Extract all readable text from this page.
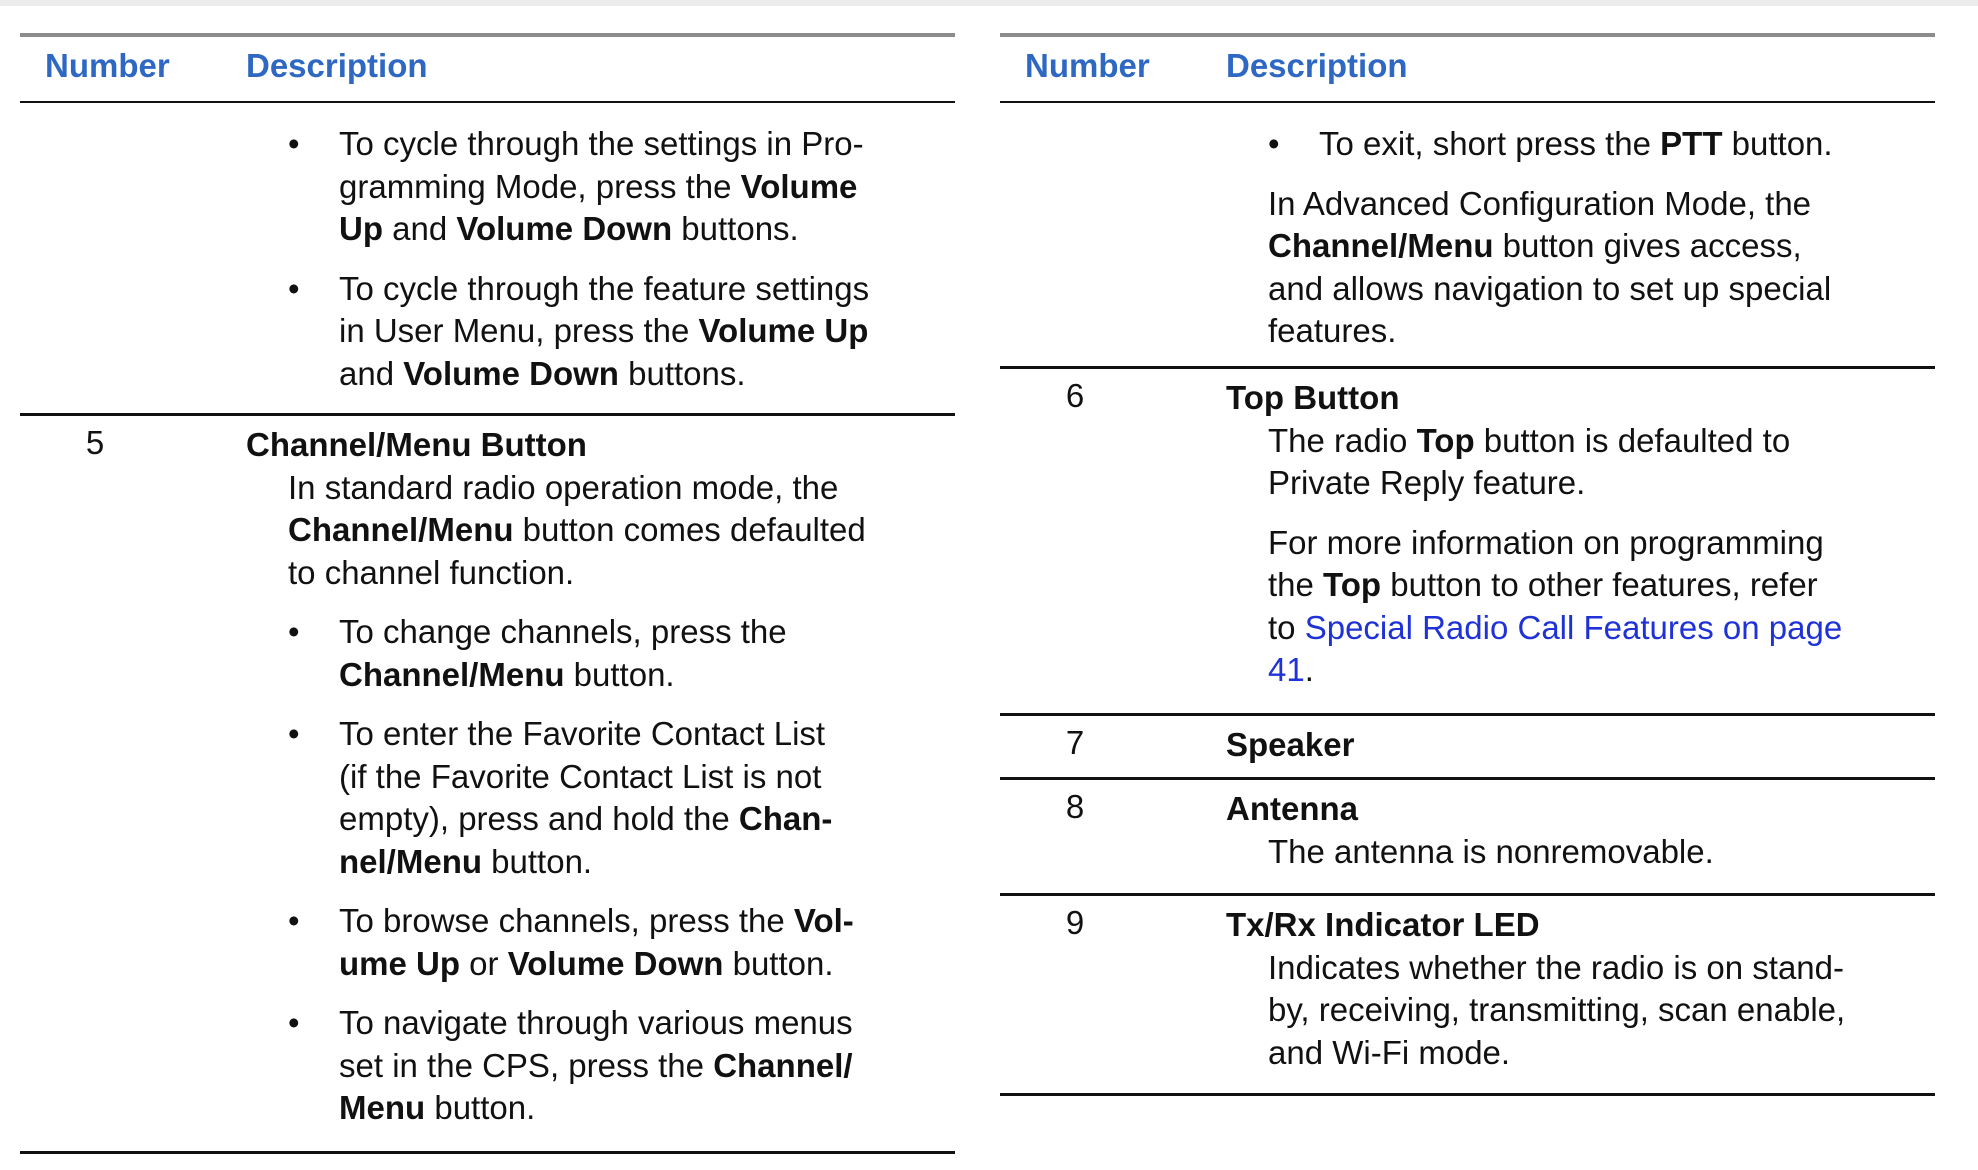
Number Description
• To cycle through the settings in Pro-
gramming Mode, press the Volume
Up and Volume Down buttons.
• To cycle through the feature settings
in User Menu, press the Volume Up
and Volume Down buttons.
5	Channel/Menu Button
In standard radio operation mode, the
Channel/Menu button comes defaulted
to channel function.
• To change channels, press the
Channel/Menu button.
• To enter the Favorite Contact List
(if the Favorite Contact List is not
empty), press and hold the Chan-
nel/Menu button.
• To browse channels, press the Vol-
ume Up or Volume Down button.
• To navigate through various menus
set in the CPS, press the Channel/
Menu button.
Number Description
• To exit, short press the PTT button.
In Advanced Configuration Mode, the
Channel/Menu button gives access,
and allows navigation to set up special
features.
6	Top Button
The radio Top button is defaulted to
Private Reply feature.
For more information on programming
the Top button to other features, refer
to Special Radio Call Features on page
41.
7	Speaker
8	Antenna
The antenna is nonremovable.
9	Tx/Rx Indicator LED
Indicates whether the radio is on stand-
by, receiving, transmitting, scan enable,
and Wi-Fi mode.
